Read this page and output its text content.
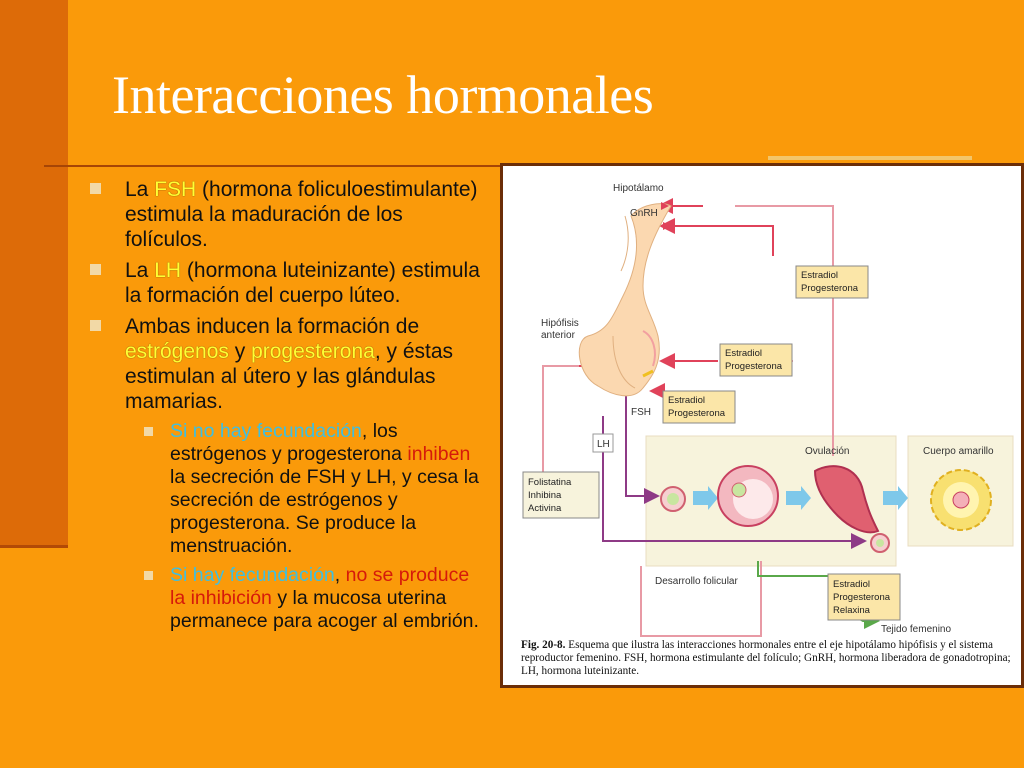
Interacciones hormonales
La FSH (hormona foliculoestimulante) estimula la maduración de los folículos.
La LH (hormona luteinizante) estimula la formación del cuerpo lúteo.
Ambas inducen la formación de estrógenos y progesterona, y éstas estimulan al útero y las glándulas mamarias.
Si no hay fecundación, los estrógenos y progesterona inhiben la secreción de FSH y LH, y cesa la secreción de estrógenos y progesterona. Se produce la menstruación.
Si hay fecundación, no se produce la inhibición y la mucosa uterina permanece para acoger al embrión.
Hipotálamo
GnRH
Hipófisis
anterior
FSH
LH
Ovulación	Cuerpo amarillo
Desarrollo folicular
Tejido femenino
Estradiol
Progesterona
Estradiol
Progesterona
Estradiol
Progesterona
Folistatina
Inhibina
Activina
Estradiol
Progesterona
Relaxina
Fig. 20-8. Esquema que ilustra las interacciones hormonales entre el eje hipotálamo hipófisis y el sistema reproductor femenino. FSH, hormona estimulante del folículo; GnRH, hormona liberadora de gonadotropina; LH, hormona luteinizante.
